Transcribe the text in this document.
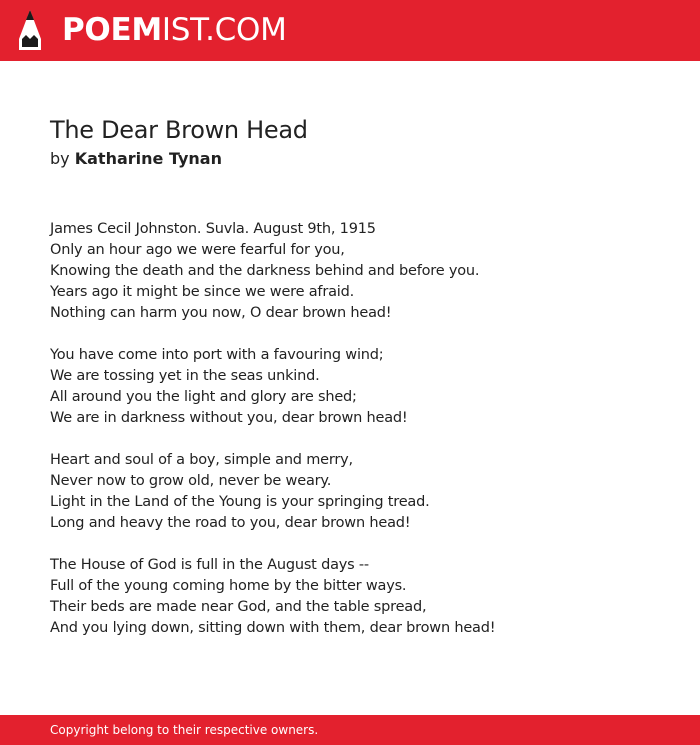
POEMIST.COM
The Dear Brown Head
by Katharine Tynan
James Cecil Johnston. Suvla. August 9th, 1915
Only an hour ago we were fearful for you,
Knowing the death and the darkness behind and before you.
Years ago it might be since we were afraid.
Nothing can harm you now, O dear brown head!
You have come into port with a favouring wind;
We are tossing yet in the seas unkind.
All around you the light and glory are shed;
We are in darkness without you, dear brown head!
Heart and soul of a boy, simple and merry,
Never now to grow old, never be weary.
Light in the Land of the Young is your springing tread.
Long and heavy the road to you, dear brown head!
The House of God is full in the August days --
Full of the young coming home by the bitter ways.
Their beds are made near God, and the table spread,
And you lying down, sitting down with them, dear brown head!
Copyright belong to their respective owners.
